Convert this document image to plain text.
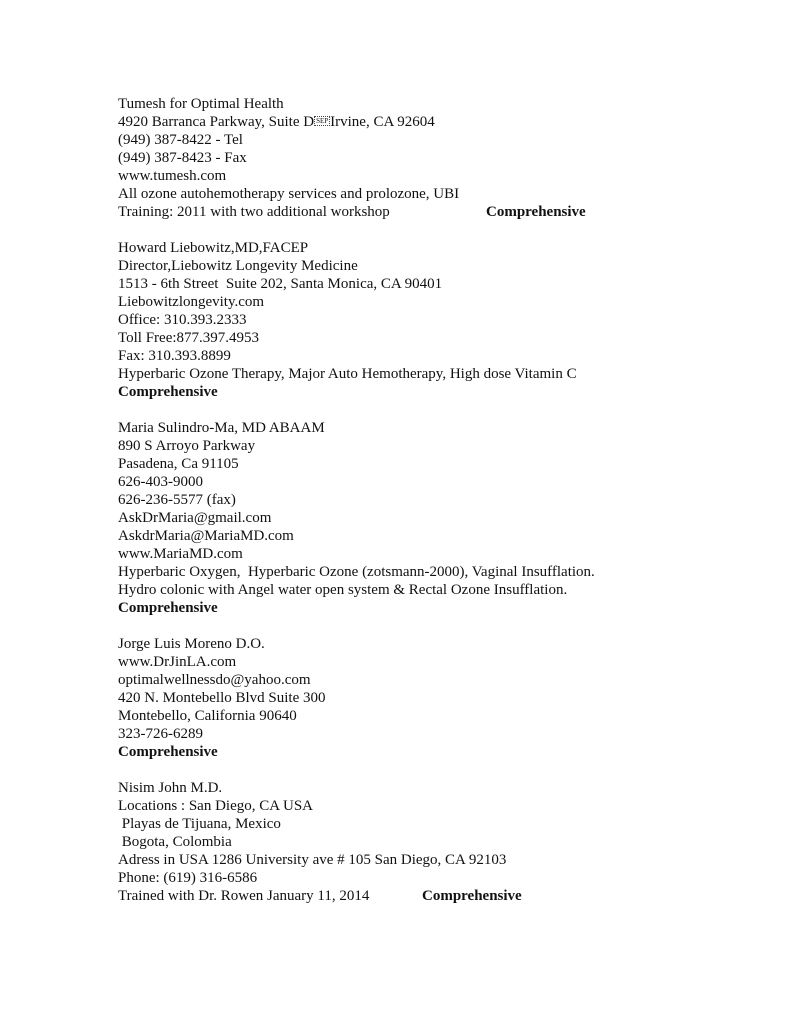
Tumesh for Optimal Health
4920 Barranca Parkway, Suite D SEP Irvine, CA 92604
(949) 387-8422 - Tel
(949) 387-8423 - Fax
www.tumesh.com
All ozone autohemotherapy services and prolozone, UBI
Training: 2011 with two additional workshop	Comprehensive
Howard Liebowitz,MD,FACEP
Director,Liebowitz Longevity Medicine
1513 - 6th Street  Suite 202, Santa Monica, CA 90401
Liebowitzlongevity.com
Office: 310.393.2333
Toll Free:877.397.4953
Fax: 310.393.8899
Hyperbaric Ozone Therapy, Major Auto Hemotherapy, High dose Vitamin C
Comprehensive
Maria Sulindro-Ma, MD ABAAM
890 S Arroyo Parkway
Pasadena, Ca 91105
626-403-9000
626-236-5577 (fax)
AskDrMaria@gmail.com
AskdrMaria@MariaMD.com
www.MariaMD.com
Hyperbaric Oxygen,  Hyperbaric Ozone (zotsmann-2000), Vaginal Insufflation.
Hydro colonic with Angel water open system & Rectal Ozone Insufflation.
Comprehensive
Jorge Luis Moreno D.O.
www.DrJinLA.com
optimalwellnessdo@yahoo.com
420 N. Montebello Blvd Suite 300
Montebello, California 90640
323-726-6289
Comprehensive
Nisim John M.D.
Locations : San Diego, CA USA
Playas de Tijuana, Mexico
Bogota, Colombia
Adress in USA 1286 University ave # 105 San Diego, CA 92103
Phone: (619) 316-6586
Trained with Dr. Rowen January 11, 2014	Comprehensive
